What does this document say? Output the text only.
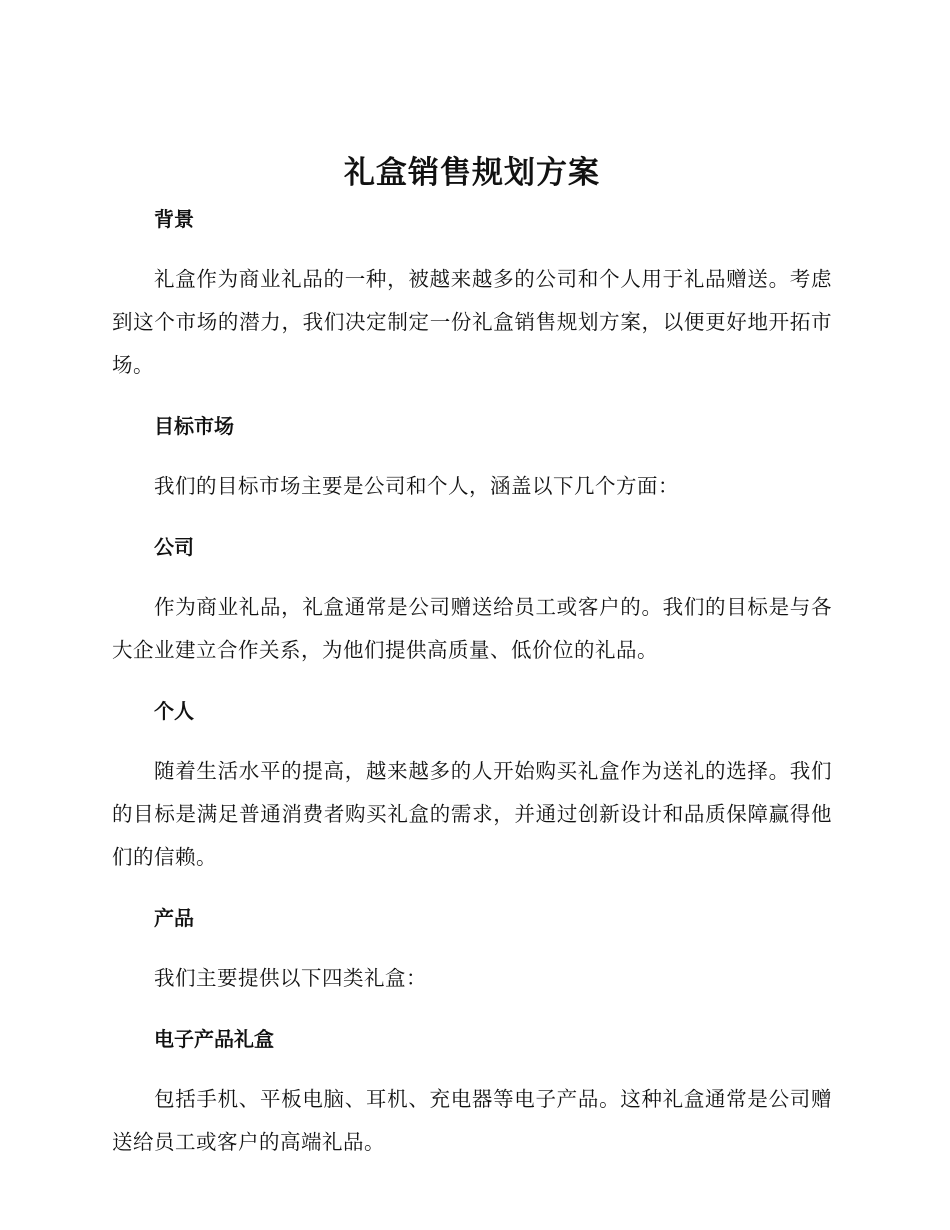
礼盒销售规划方案
背景
礼盒作为商业礼品的一种，被越来越多的公司和个人用于礼品赠送。考虑到这个市场的潜力，我们决定制定一份礼盒销售规划方案，以便更好地开拓市场。
目标市场
我们的目标市场主要是公司和个人，涵盖以下几个方面：
公司
作为商业礼品，礼盒通常是公司赠送给员工或客户的。我们的目标是与各大企业建立合作关系，为他们提供高质量、低价位的礼品。
个人
随着生活水平的提高，越来越多的人开始购买礼盒作为送礼的选择。我们的目标是满足普通消费者购买礼盒的需求，并通过创新设计和品质保障赢得他们的信赖。
产品
我们主要提供以下四类礼盒：
电子产品礼盒
包括手机、平板电脑、耳机、充电器等电子产品。这种礼盒通常是公司赠送给员工或客户的高端礼品。
